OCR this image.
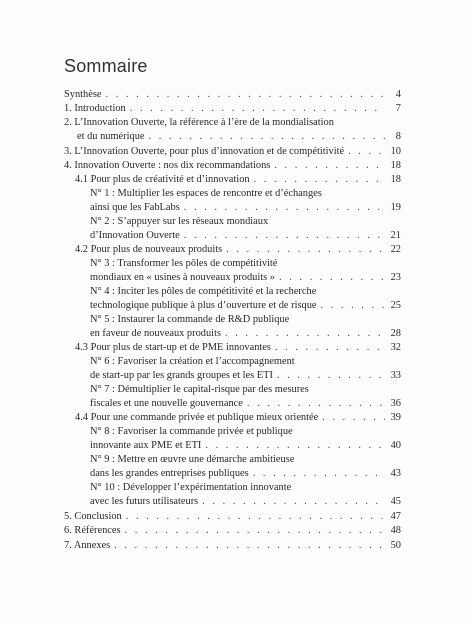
Sommaire
Synthèse . . .	4
1. Introduction . . .	7
2. L’Innovation Ouverte, la référence à l’ère de la mondialisation
et du numérique . . .	8
3. L’Innovation Ouverte, pour plus d’innovation et de compétitivité . . .	10
4. Innovation Ouverte : nos dix recommandations . . .	18
4.1 Pour plus de créativité et d’innovation . . .	18
N° 1 : Multiplier les espaces de rencontre et d’échanges
ainsi que les FabLabs . . .	19
N° 2 : S’appuyer sur les réseaux mondiaux
d’Innovation Ouverte . . .	21
4.2 Pour plus de nouveaux produits . . .	22
N° 3 : Transformer les pôles de compétitivité
mondiaux en « usines à nouveaux produits » . . .	23
N° 4 : Inciter les pôles de compétitivité et la recherche
technologique publique à plus d’ouverture et de risque . . .	25
N° 5 : Instaurer la commande de R&D publique
en faveur de nouveaux produits . . .	28
4.3 Pour plus de start-up et de PME innovantes . . .	32
N° 6 : Favoriser la création et l’accompagnement
de start-up par les grands groupes et les ETI . . .	33
N° 7 : Démultiplier le capital-risque par des mesures
fiscales et une nouvelle gouvernance . . .	36
4.4 Pour une commande privée et publique mieux orientée . . .	39
N° 8 : Favoriser la commande privée et publique
innovante aux PME et ETI . . .	40
N° 9 : Mettre en œuvre une démarche ambitieuse
dans les grandes entreprises publiques . . .	43
N° 10 : Développer l’expérimentation innovante
avec les futurs utilisateurs . . .	45
5. Conclusion . . .	47
6. Références . . .	48
7. Annexes . . .	50
